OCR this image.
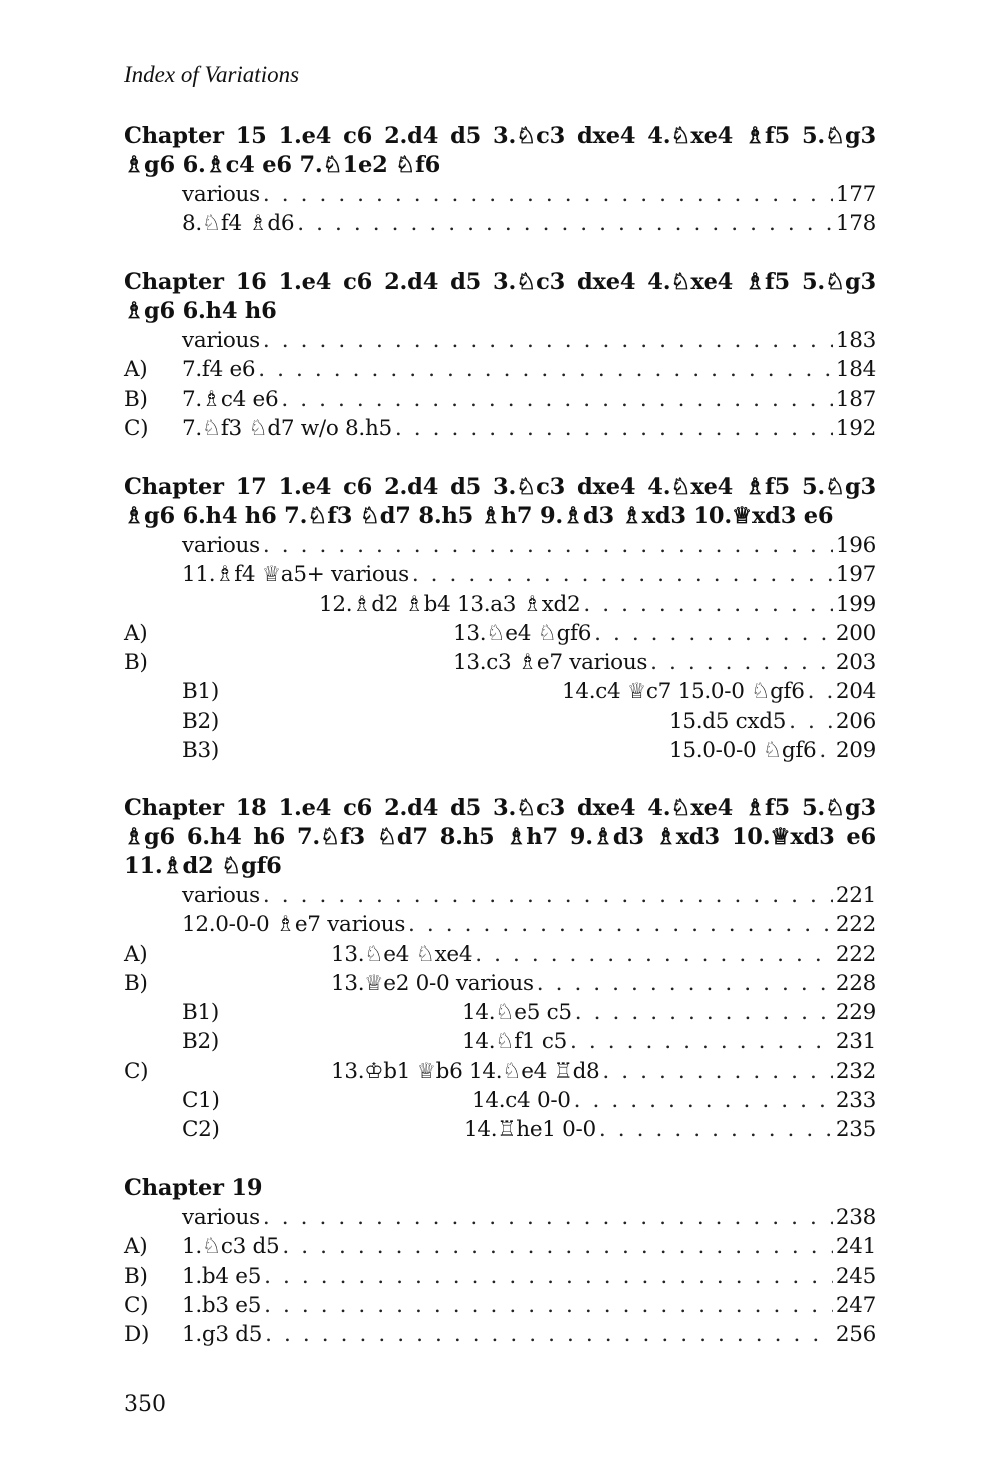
Index of Variations
Chapter 15 1.e4 c6 2.d4 d5 3.♘c3 dxe4 4.♘xe4 ♗f5 5.♘g3 ♗g6 6.♗c4 e6 7.♘1e2 ♘f6
various . . .	177
8.♘f4 ♗d6 . . .	178
Chapter 16 1.e4 c6 2.d4 d5 3.♘c3 dxe4 4.♘xe4 ♗f5 5.♘g3 ♗g6 6.h4 h6
various . . .	183
A) 7.f4 e6 . . .	184
B) 7.♗c4 e6 . . .	187
C) 7.♘f3 ♘d7 w/o 8.h5 . . .	192
Chapter 17 1.e4 c6 2.d4 d5 3.♘c3 dxe4 4.♘xe4 ♗f5 5.♘g3 ♗g6 6.h4 h6 7.♘f3 ♘d7 8.h5 ♗h7 9.♗d3 ♗xd3 10.♕xd3 e6
various . . .	196
11.♗f4 ♕a5+ various . . .	197
12.♗d2 ♗b4 13.a3 ♗xd2 . . .	199
A)	13.♘e4 ♘gf6 . . .	200
B)	13.c3 ♗e7 various . . .	203
B1)	14.c4 ♕c7 15.0-0 ♘gf6 . . . 204
B2)	15.d5 cxd5 . . . 206
B3)	15.0-0-0 ♘gf6 . . . 209
Chapter 18 1.e4 c6 2.d4 d5 3.♘c3 dxe4 4.♘xe4 ♗f5 5.♘g3 ♗g6 6.h4 h6 7.♘f3 ♘d7 8.h5 ♗h7 9.♗d3 ♗xd3 10.♕xd3 e6 11.♗d2 ♘gf6
various . . .	221
12.0-0-0 ♗e7 various . . .	222
A)	13.♘e4 ♘xe4 . . .	222
B)	13.♕e2 0-0 various . . .	228
B1)	14.♘e5 c5 . . .	229
B2)	14.♘f1 c5 . . .	231
C)	13.♔b1 ♕b6 14.♘e4 ♖d8 . . .	232
C1)	14.c4 0-0 . . .	233
C2)	14.♖he1 0-0 . . .	235
Chapter 19
various . . .	238
A) 1.♘c3 d5 . . .	241
B) 1.b4 e5 . . .	245
C) 1.b3 e5 . . .	247
D) 1.g3 d5 . . .	256
350
